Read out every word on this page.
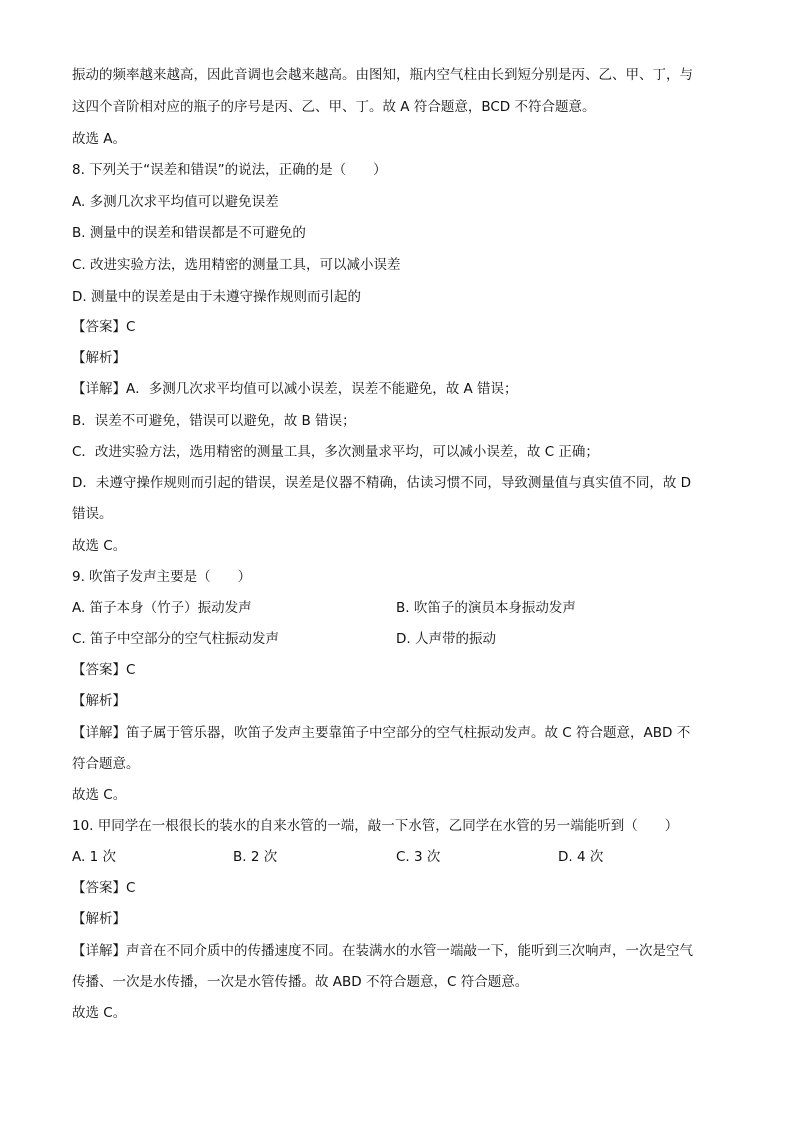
振动的频率越来越高，因此音调也会越来越高。由图知，瓶内空气柱由长到短分别是丙、乙、甲、丁，与
这四个音阶相对应的瓶子的序号是丙、乙、甲、丁。故 A 符合题意，BCD 不符合题意。
故选 A。
8. 下列关于“误差和错误”的说法，正确的是（　　）
A. 多测几次求平均值可以避免误差
B. 测量中的误差和错误都是不可避免的
C. 改进实验方法，选用精密的测量工具，可以减小误差
D. 测量中的误差是由于未遵守操作规则而引起的
【答案】C
【解析】
【详解】A．多测几次求平均值可以减小误差，误差不能避免，故 A 错误；
B．误差不可避免，错误可以避免，故 B 错误；
C．改进实验方法，选用精密的测量工具，多次测量求平均，可以减小误差，故 C 正确；
D．未遵守操作规则而引起的错误，误差是仪器不精确，估读习惯不同，导致测量值与真实值不同，故 D
错误。
故选 C。
9. 吹笛子发声主要是（　　）
A. 笛子本身（竹子）振动发声	B. 吹笛子的演员本身振动发声
C. 笛子中空部分的空气柱振动发声	D. 人声带的振动
【答案】C
【解析】
【详解】笛子属于管乐器，吹笛子发声主要靠笛子中空部分的空气柱振动发声。故 C 符合题意，ABD 不
符合题意。
故选 C。
10. 甲同学在一根很长的装水的自来水管的一端，敲一下水管，乙同学在水管的另一端能听到（　　）
A. 1 次	B. 2 次	C. 3 次	D. 4 次
【答案】C
【解析】
【详解】声音在不同介质中的传播速度不同。在装满水的水管一端敲一下，能听到三次响声，一次是空气
传播、一次是水传播，一次是水管传播。故 ABD 不符合题意，C 符合题意。
故选 C。
